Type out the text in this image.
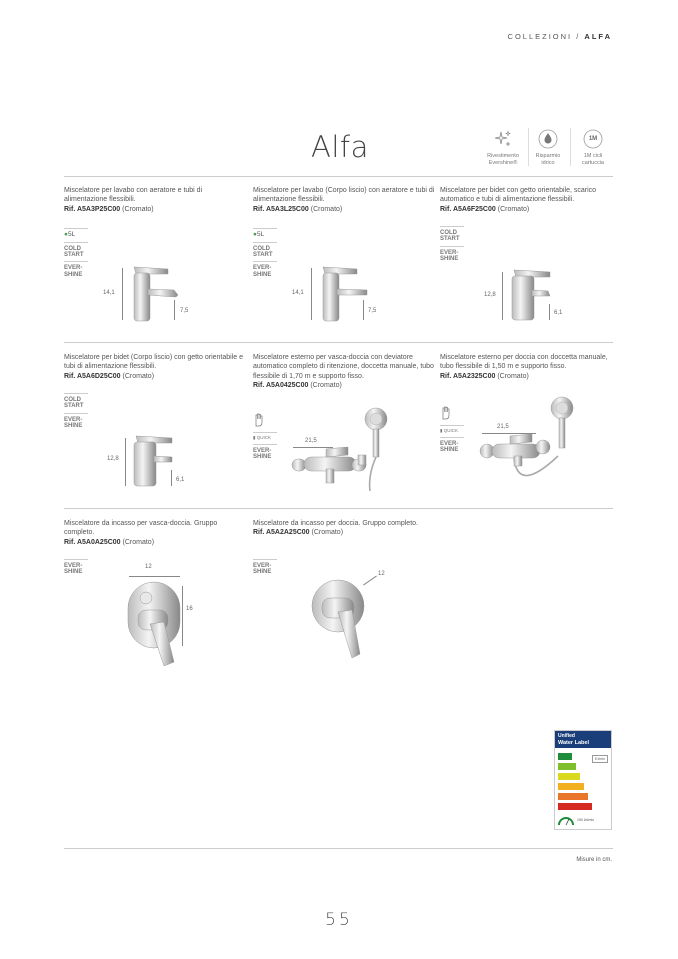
COLLEZIONI / ALFA
Alfa	Rivestimento
Evershine®
Risparmio
idrico
1M
1M cicli
cartuccia
Miscelatore per lavabo con aeratore e tubi di alimentazione flessibili.
Rif. A5A3P25C00 (Cromato)
●5L
COLD START
EVER-SHINE
14,1
7,5
Miscelatore per lavabo (Corpo liscio) con aeratore e tubi di alimentazione flessibili.
Rif. A5A3L25C00 (Cromato)
●5L
COLD START
EVER-SHINE
14,1
7,5
Miscelatore per bidet con getto orientabile, scarico automatico e tubi di alimentazione flessibili.
Rif. A5A6F25C00 (Cromato)
COLD START
EVER-SHINE
12,8
6,1
Miscelatore per bidet (Corpo liscio) con getto orientabile e tubi di alimentazione flessibili.
Rif. A5A6D25C00 (Cromato)
COLD START
EVER-SHINE
12,8
6,1
Miscelatore esterno per vasca-doccia con deviatore automatico completo di ritenzione, doccetta manuale, tubo flessibile di 1,70 m e supporto fisso.
Rif. A5A0425C00 (Cromato)
▮ QUICK
EVER-SHINE
21,5
Miscelatore esterno per doccia con doccetta manuale, tubo flessibile di 1,50 m e supporto fisso.
Rif. A5A2325C00 (Cromato)
▮ QUICK
EVER-SHINE
21,5
Miscelatore da incasso per vasca-doccia. Gruppo completo.
Rif. A5A0A25C00 (Cromato)
EVER-SHINE
12
16
Miscelatore da incasso per doccia. Gruppo completo.
Rif. A5A2A25C00 (Cromato)
EVER-SHINE	12
Unified
Water Label
5 l/min
150 l/d/min
Misure in cm.
55
